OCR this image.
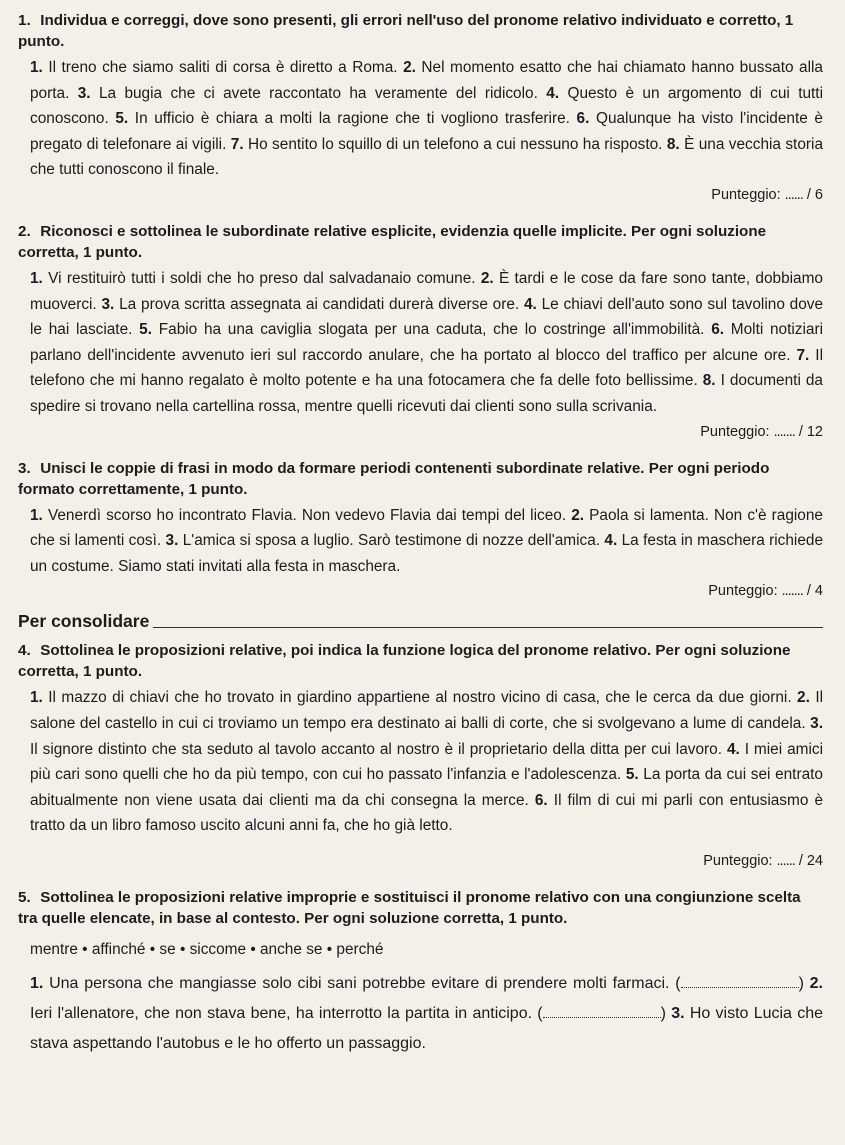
1. Individua e correggi, dove sono presenti, gli errori nell'uso del pronome relativo individuato e corretto, 1 punto.
1. Il treno che siamo saliti di corsa è diretto a Roma. 2. Nel momento esatto che hai chiamato hanno bussato alla porta. 3. La bugia che ci avete raccontato ha veramente del ridicolo. 4. Questo è un argomento di cui tutti conoscono. 5. In ufficio è chiara a molti la ragione che ti vogliono trasferire. 6. Qualunque ha visto l'incidente è pregato di telefonare ai vigili. 7. Ho sentito lo squillo di un telefono a cui nessuno ha risposto. 8. È una vecchia storia che tutti conoscono il finale.
Punteggio: ...... / 6
2. Riconosci e sottolinea le subordinate relative esplicite, evidenzia quelle implicite. Per ogni soluzione corretta, 1 punto.
1. Vi restituirò tutti i soldi che ho preso dal salvadanaio comune. 2. È tardi e le cose da fare sono tante, dobbiamo muoverci. 3. La prova scritta assegnata ai candidati durerà diverse ore. 4. Le chiavi dell'auto sono sul tavolino dove le hai lasciate. 5. Fabio ha una caviglia slogata per una caduta, che lo costringe all'immobilità. 6. Molti notiziari parlano dell'incidente avvenuto ieri sul raccordo anulare, che ha portato al blocco del traffico per alcune ore. 7. Il telefono che mi hanno regalato è molto potente e ha una fotocamera che fa delle foto bellissime. 8. I documenti da spedire si trovano nella cartellina rossa, mentre quelli ricevuti dai clienti sono sulla scrivania.
Punteggio: ....... / 12
3. Unisci le coppie di frasi in modo da formare periodi contenenti subordinate relative. Per ogni periodo formato correttamente, 1 punto.
1. Venerdì scorso ho incontrato Flavia. Non vedevo Flavia dai tempi del liceo. 2. Paola si lamenta. Non c'è ragione che si lamenti così. 3. L'amica si sposa a luglio. Sarò testimone di nozze dell'amica. 4. La festa in maschera richiede un costume. Siamo stati invitati alla festa in maschera.
Punteggio: ....... / 4
Per consolidare
4. Sottolinea le proposizioni relative, poi indica la funzione logica del pronome relativo. Per ogni soluzione corretta, 1 punto.
1. Il mazzo di chiavi che ho trovato in giardino appartiene al nostro vicino di casa, che le cerca da due giorni. 2. Il salone del castello in cui ci troviamo un tempo era destinato ai balli di corte, che si svolgevano a lume di candela. 3. Il signore distinto che sta seduto al tavolo accanto al nostro è il proprietario della ditta per cui lavoro. 4. I miei amici più cari sono quelli che ho da più tempo, con cui ho passato l'infanzia e l'adolescenza. 5. La porta da cui sei entrato abitualmente non viene usata dai clienti ma da chi consegna la merce. 6. Il film di cui mi parli con entusiasmo è tratto da un libro famoso uscito alcuni anni fa, che ho già letto.
Punteggio: ...... / 24
5. Sottolinea le proposizioni relative improprie e sostituisci il pronome relativo con una congiunzione scelta tra quelle elencate, in base al contesto. Per ogni soluzione corretta, 1 punto.
mentre • affinché • se • siccome • anche se • perché
1. Una persona che mangiasse solo cibi sani potrebbe evitare di prendere molti farmaci. (	) 2. Ieri l'allenatore, che non stava bene, ha interrotto la partita in anticipo. (	) 3. Ho visto Lucia che stava aspettando l'autobus e le ho offerto un passaggio.
